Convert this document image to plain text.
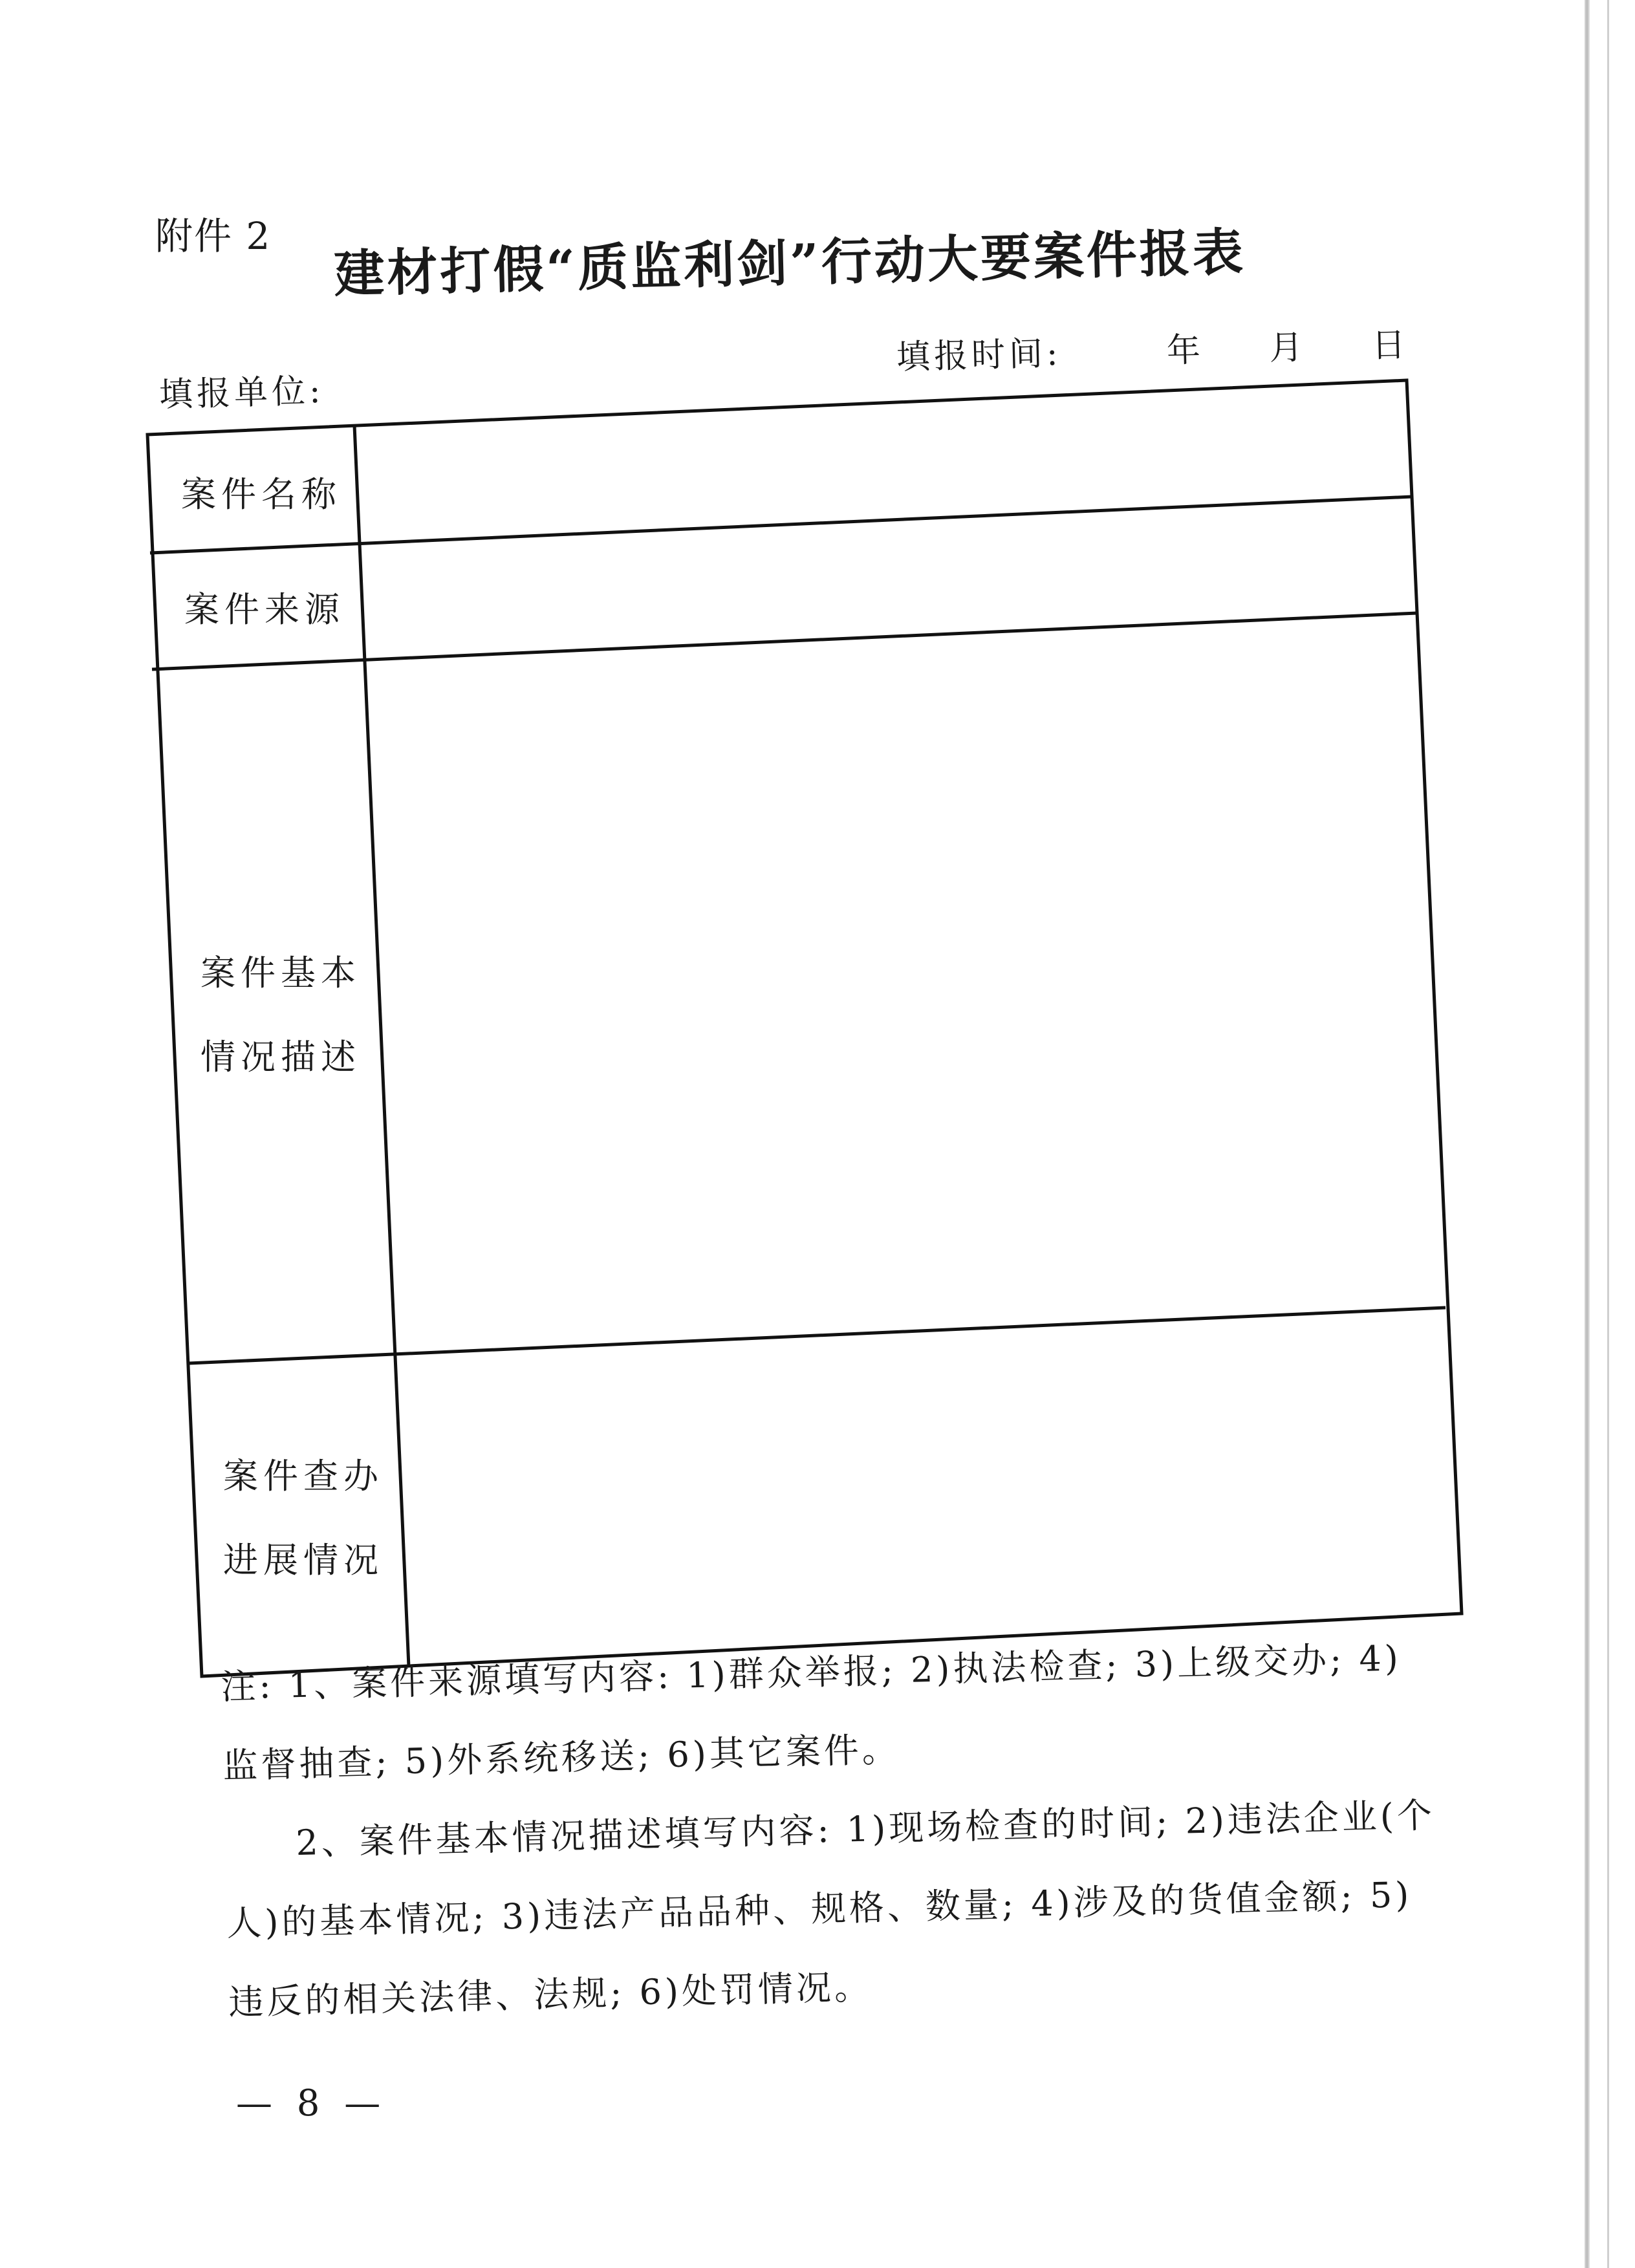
附件 2 建材打假“质监利剑”行动大要案件报表
填报时间:	年 月 日
填报单位:
案件名称
案件来源
案件基本
情况描述
案件查办
进展情况

注: 1、案件来源填写内容: 1)群众举报; 2)执法检查; 3)上级交办; 4)

监督抽查; 5)外系统移送; 6)其它案件。

2、案件基本情况描述填写内容: 1)现场检查的时间; 2)违法企业(个

人)的基本情况; 3)违法产品品种、规格、数量; 4)涉及的货值金额; 5)

违反的相关法律、法规; 6)处罚情况。

— 8 —
